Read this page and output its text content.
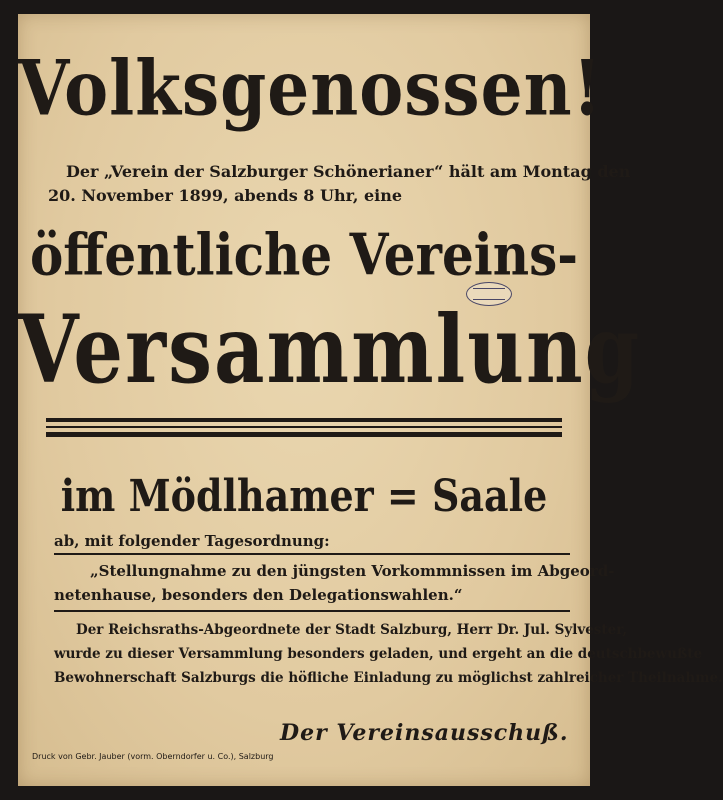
Volksgenossen!
Der „Verein der Salzburger Schönerianer“ hält am Montag den
20. November 1899, abends 8 Uhr, eine
öffentliche Vereins-
Versammlung
im Mödlhamer = Saale
ab, mit folgender Tagesordnung:
„Stellungnahme zu den jüngsten Vorkommnissen im Abgeord-
netenhause, besonders den Delegationswahlen.“
Der Reichsraths-Abgeordnete der Stadt Salzburg, Herr Dr. Jul. Sylvester,
wurde zu dieser Versammlung besonders geladen, und ergeht an die deutschbewußte
Bewohnerschaft Salzburgs die höfliche Einladung zu möglichst zahlreicher Theilnahme.
Der Vereinsausschuß.
Druck von Gebr. Jauber (vorm. Oberndorfer u. Co.), Salzburg
